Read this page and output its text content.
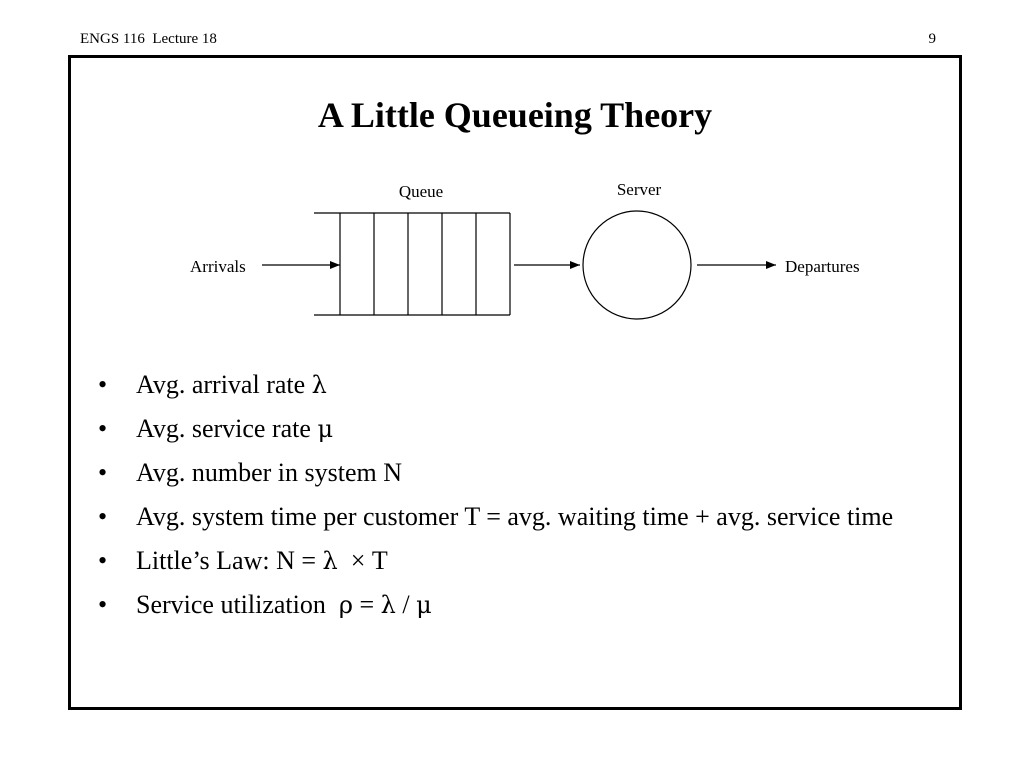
ENGS 116  Lecture 18	9
A Little Queueing Theory
Queue	Server
Arrivals	Departures
• Avg. arrival rate λ
• Avg. service rate μ
• Avg. number in system N
• Avg. system time per customer T = avg. waiting time + avg. service time
• Little’s Law: N = λ  × T
• Service utilization  ρ = λ / μ
